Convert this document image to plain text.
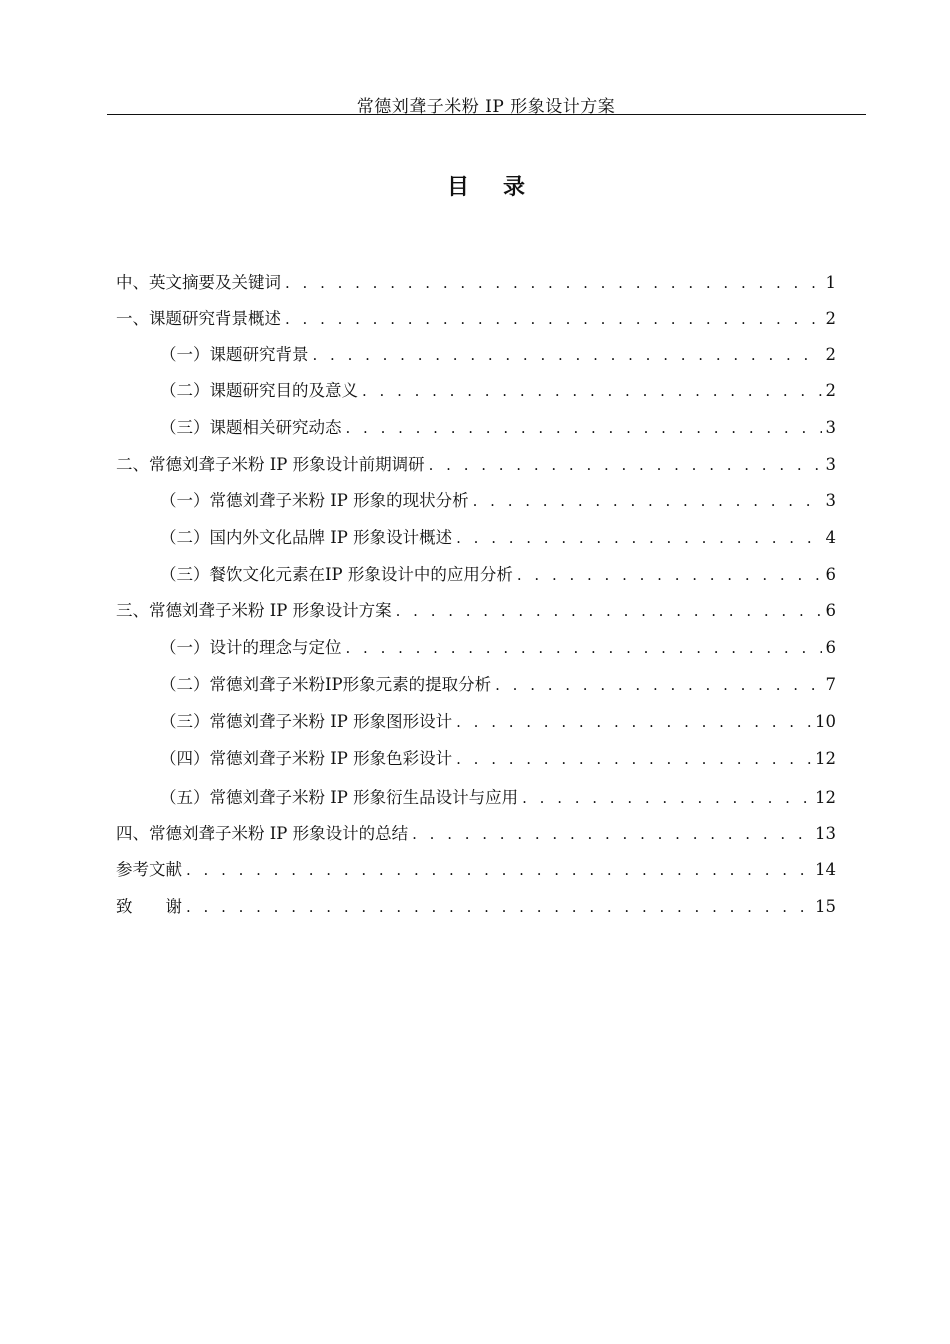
常德刘聋子米粉 IP 形象设计方案
目录
中、英文摘要及关键词 . . .	1
一、课题研究背景概述 . . .	2
（一）课题研究背景 . . .	2
（二）课题研究目的及意义 . . .	2
（三）课题相关研究动态 . . .	3
二、常德刘聋子米粉 IP 形象设计前期调研 . . .	3
（一）常德刘聋子米粉 IP 形象的现状分析 . . .	3
（二）国内外文化品牌 IP 形象设计概述 . . .	4
（三）餐饮文化元素在IP 形象设计中的应用分析 . . .	6
三、常德刘聋子米粉 IP 形象设计方案 . . .	6
（一）设计的理念与定位 . . .	6
（二）常德刘聋子米粉IP形象元素的提取分析 . . .	7
（三）常德刘聋子米粉 IP 形象图形设计 . . .	10
（四）常德刘聋子米粉 IP 形象色彩设计 . . .	12
（五）常德刘聋子米粉 IP 形象衍生品设计与应用 . . .	12
四、常德刘聋子米粉 IP 形象设计的总结 . . .	13
参考文献 . . .	14
致　　谢 . . .	15
